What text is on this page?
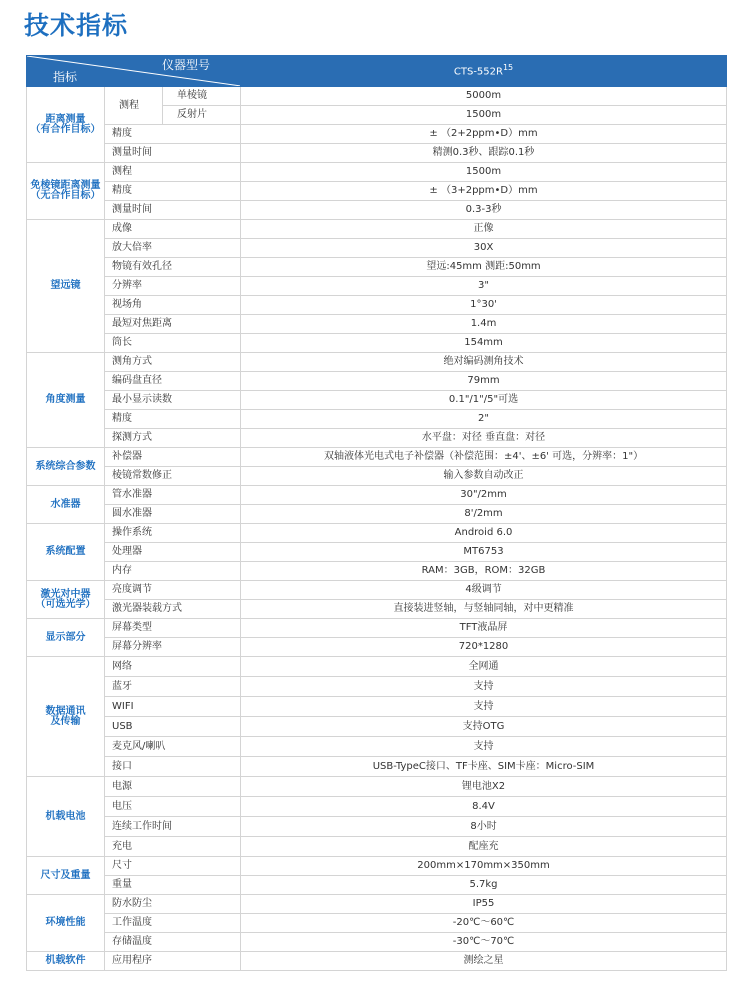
技术指标
仪器型号
指标			CTS-$552R^{15}$
距离测量
（有合作目标）	测程	单棱镜	5000m
		反射片	1500m
	精度		± （2+2ppm•D）mm
	测量时间		精测0.3秒、跟踪0.1秒
免棱镜距离测量
（无合作目标）	测程		1500m
	精度		± （3+2ppm•D）mm
	测量时间		0.3-3秒
望远镜	成像		正像
	放大倍率		30X
	物镜有效孔径		望远:45mm 测距:50mm
	分辨率		3"
	视场角		1°30'
	最短对焦距离		1.4m
	筒长		154mm
角度测量	测角方式		绝对编码测角技术
	编码盘直径		79mm
	最小显示读数		0.1"/1"/5"可选
	精度		2"
	探测方式		水平盘：对径 垂直盘：对径
系统综合参数	补偿器		双轴液体光电式电子补偿器（补偿范围：±4'、±6' 可选，分辨率：1"）
	棱镜常数修正		输入参数自动改正
水准器	管水准器		30"/2mm
	圆水准器		8'/2mm
系统配置	操作系统		Android 6.0
	处理器		MT6753
	内存		RAM：3GB，ROM：32GB
激光对中器
（可选光学）	亮度调节		4级调节
	激光器装载方式		直接装进竖轴，与竖轴同轴，对中更精准
显示部分	屏幕类型		TFT液晶屏
	屏幕分辨率		720*1280
数据通讯
及传输	网络		全网通
	蓝牙		支持
	WIFI		支持
	USB		支持OTG
	麦克风/喇叭		支持
	接口		USB-TypeC接口、TF卡座、SIM卡座：Micro-SIM
机载电池	电源		锂电池X2
	电压		8.4V
	连续工作时间		8小时
	充电		配座充
尺寸及重量	尺寸		200mm×170mm×350mm
	重量		5.7kg
环境性能	防水防尘		IP55
	工作温度		-20℃～60℃
	存储温度		-30℃～70℃
机载软件	应用程序		测绘之星
